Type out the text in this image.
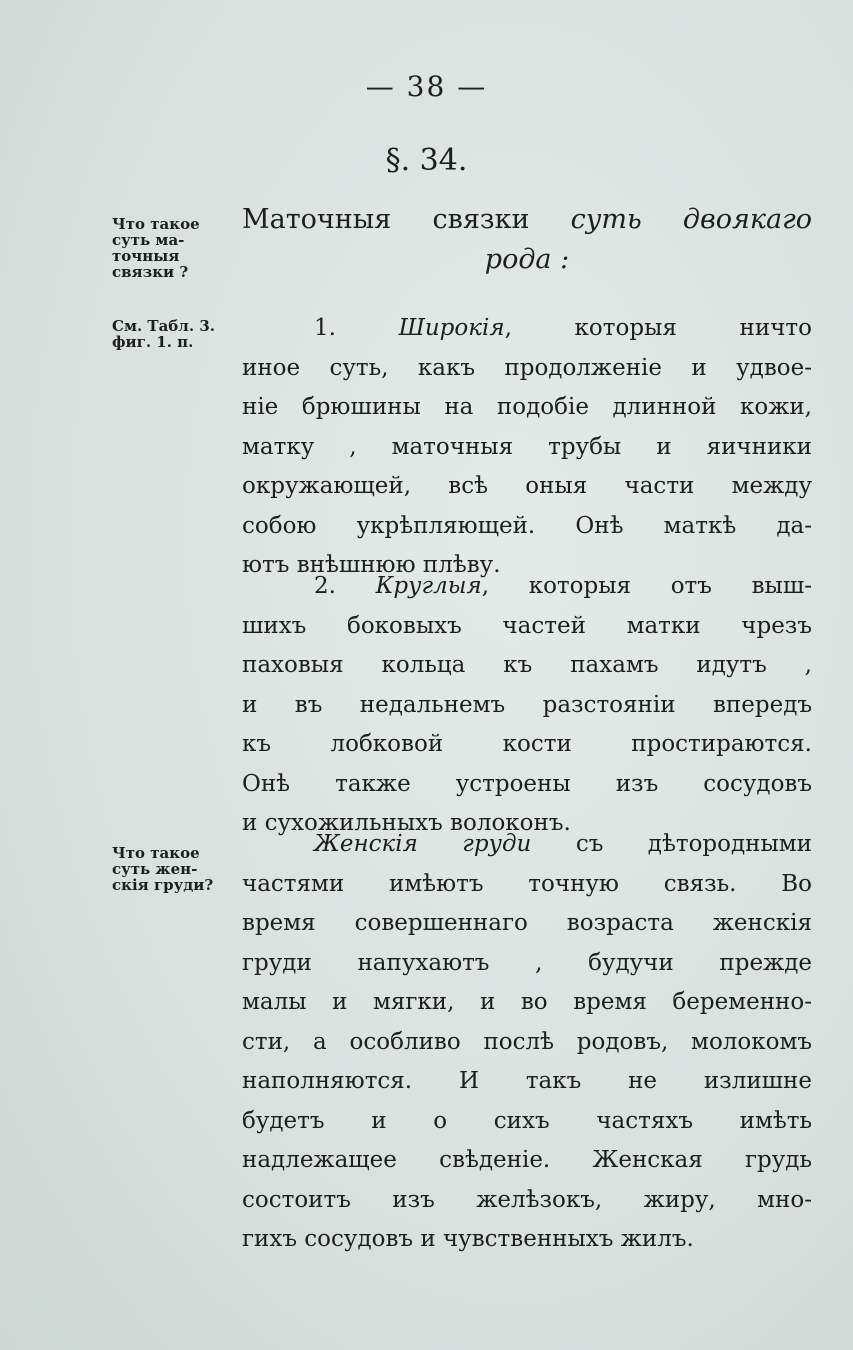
— 38 —
§. 34.
Что такое
суть ма-
точныя
связки ?
См. Табл. 3.
фиг. 1. п.
Что такое
суть жен-
скія груди?
Маточныя связки суть двоякаго
рода :
1. Широкія, которыя ничто
иное суть, какъ продолженіе и удвое-
ніе брюшины на подобіе длинной кожи,
матку , маточныя трубы и яичники
окружающей, всѣ оныя части между
собою укрѣпляющей. Онѣ маткѣ да-
ютъ внѣшнюю плѣву.
2. Круглыя, которыя отъ выш-
шихъ боковыхъ частей матки чрезъ
паховыя кольца къ пахамъ идутъ ,
и въ недальнемъ разстояніи впередъ
къ лобковой кости простираются.
Онѣ также устроены изъ сосудовъ
и сухожильныхъ волоконъ.
Женскія груди съ дѣтородными
частями имѣютъ точную связь. Во
время совершеннаго возраста женскія
груди напухаютъ , будучи прежде
малы и мягки, и во время беременно-
сти, а особливо послѣ родовъ, молокомъ
наполняются. И такъ не излишне
будетъ и о сихъ частяхъ имѣть
надлежащее свѣденіе. Женская грудь
состоитъ изъ желѣзокъ, жиру, мно-
гихъ сосудовъ и чувственныхъ жилъ.
